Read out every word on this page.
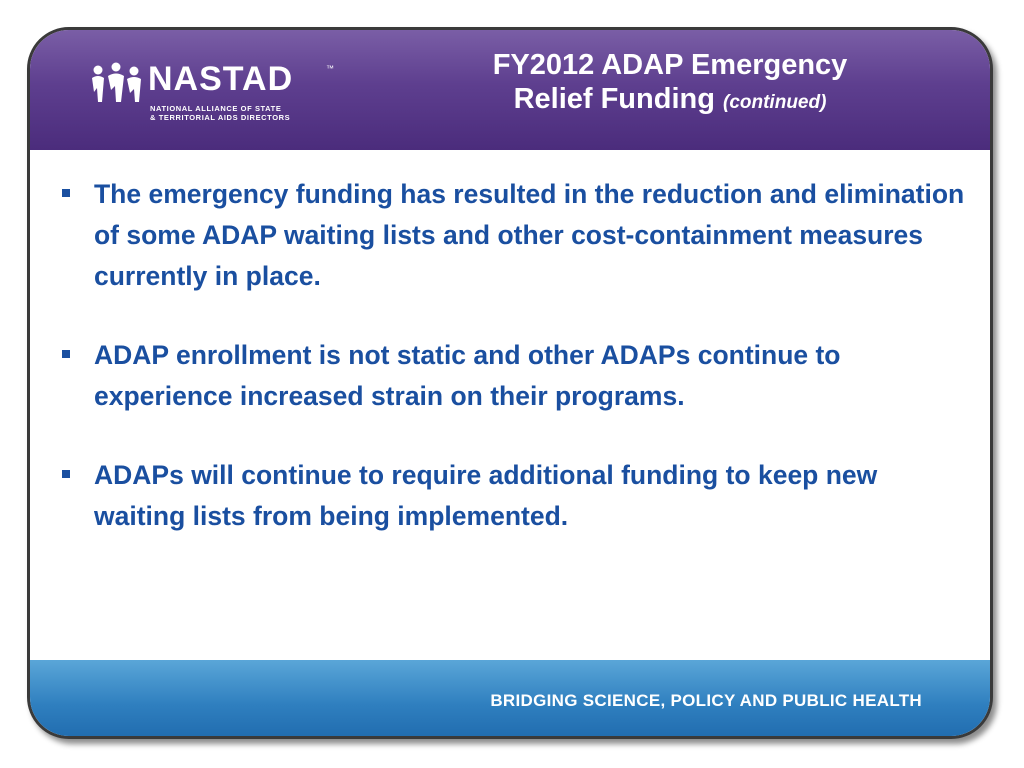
NASTAD	™
NATIONAL ALLIANCE OF STATE
& TERRITORIAL AIDS DIRECTORS
FY2012 ADAP Emergency
Relief Funding (continued)
The emergency funding has resulted in the reduction and elimination of some ADAP waiting lists and other cost-containment measures currently in place.
ADAP enrollment is not static and other ADAPs continue to experience increased strain on their programs.
ADAPs will continue to require additional funding to keep new waiting lists from being implemented.
BRIDGING SCIENCE, POLICY AND PUBLIC HEALTH
